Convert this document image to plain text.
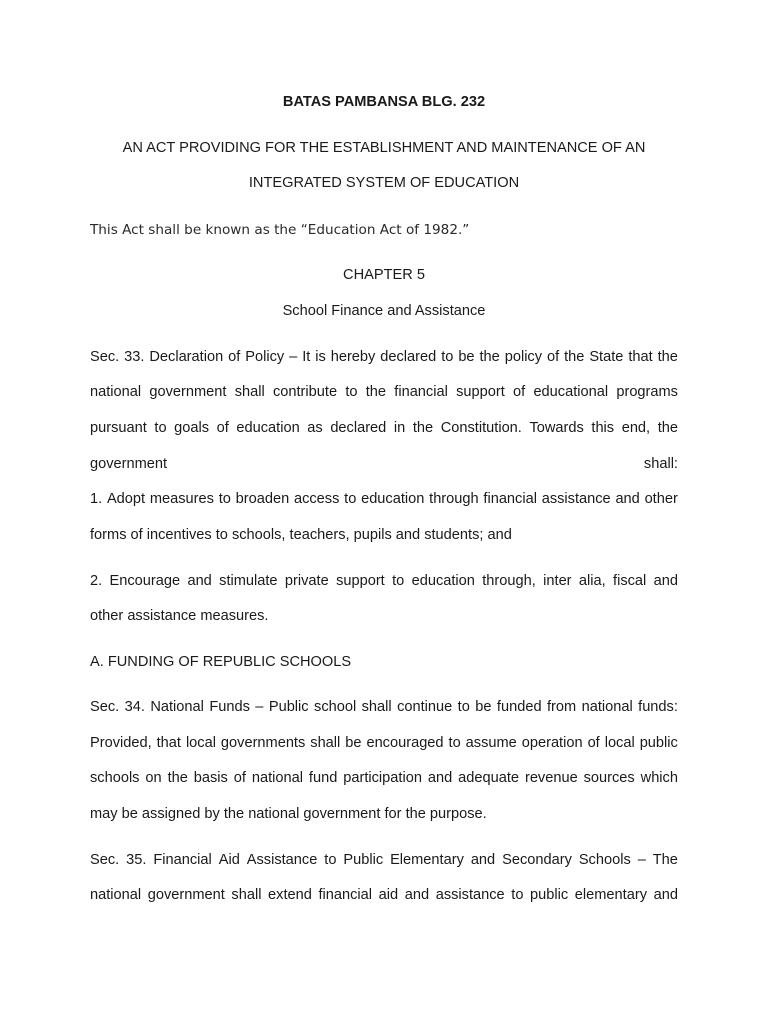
BATAS PAMBANSA BLG. 232
AN ACT PROVIDING FOR THE ESTABLISHMENT AND MAINTENANCE OF AN
INTEGRATED SYSTEM OF EDUCATION
This Act shall be known as the “Education Act of 1982.”
CHAPTER 5
School Finance and Assistance
Sec. 33. Declaration of Policy – It is hereby declared to be the policy of the State that the
national government shall contribute to the financial support of educational programs
pursuant to goals of education as declared in the Constitution. Towards this end, the
government	shall:
1. Adopt measures to broaden access to education through financial assistance and other
forms of incentives to schools, teachers, pupils and students; and
2. Encourage and stimulate private support to education through, inter alia, fiscal and
other assistance measures.
A. FUNDING OF REPUBLIC SCHOOLS
Sec. 34. National Funds – Public school shall continue to be funded from national funds:
Provided, that local governments shall be encouraged to assume operation of local public
schools on the basis of national fund participation and adequate revenue sources which
may be assigned by the national government for the purpose.
Sec. 35. Financial Aid Assistance to Public Elementary and Secondary Schools – The
national government shall extend financial aid and assistance to public elementary and
